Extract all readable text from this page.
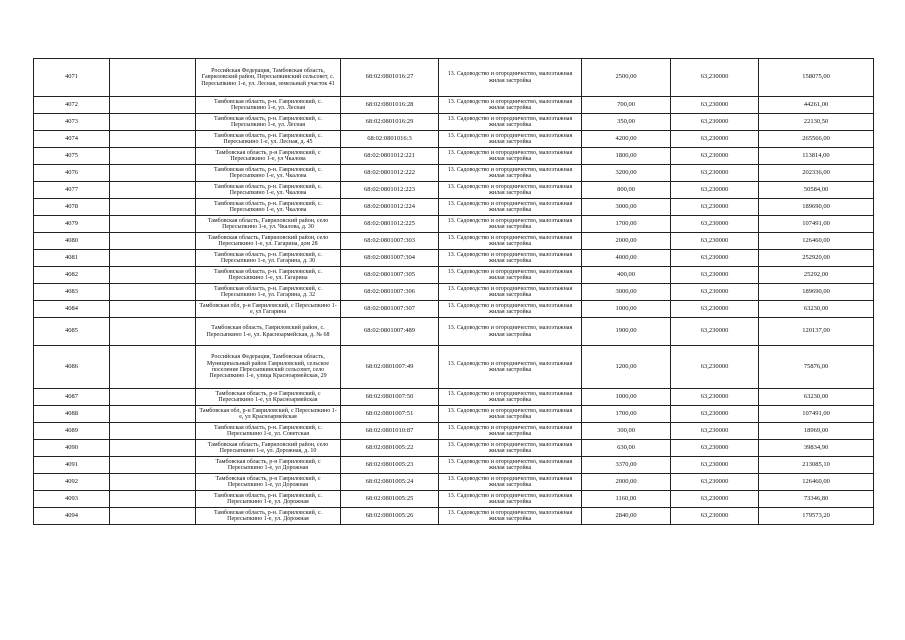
4071		Российская Федерация, Тамбовская область, Гавриловский район, Пересыпкинский сельсовет, с. Пересыпкино 1-е, ул. Лесная, земельный участок 41	68:02:0801016:27	13. Садоводство и огородничество, малоэтажная жилая застройка	2500,00	63,230000	158075,00
4072		Тамбовская область, р-н. Гавриловский, с. Пересыпкино 1-е, ул. Лесная	68:02:0801016:28	13. Садоводство и огородничество, малоэтажная жилая застройка	700,00	63,230000	44261,00
4073		Тамбовская область, р-н. Гавриловский, с. Пересыпкино 1-е, ул. Лесная	68:02:0801016:29	13. Садоводство и огородничество, малоэтажная жилая застройка	350,00	63,230000	22130,50
4074		Тамбовская область, р-н. Гавриловский, с. Пересыпкино 1-е, ул. Лесная, д. 45	68:02:0801016:3	13. Садоводство и огородничество, малоэтажная жилая застройка	4200,00	63,230000	265566,00
4075		Тамбовская область, р-н Гавриловский, с Пересыпкино 1-е, ул Чкалова	68:02:0801012:221	13. Садоводство и огородничество, малоэтажная жилая застройка	1800,00	63,230000	113814,00
4076		Тамбовская область, р-н. Гавриловский, с. Пересыпкино 1-е, ул. Чкалова	68:02:0801012:222	13. Садоводство и огородничество, малоэтажная жилая застройка	3200,00	63,230000	202336,00
4077		Тамбовская область, р-н. Гавриловский, с. Пересыпкино 1-е, ул. Чкалова	68:02:0801012:223	13. Садоводство и огородничество, малоэтажная жилая застройка	800,00	63,230000	50584,00
4078		Тамбовская область, р-н. Гавриловский, с. Пересыпкино 1-е, ул. Чкалова	68:02:0801012:224	13. Садоводство и огородничество, малоэтажная жилая застройка	3000,00	63,230000	189690,00
4079		Тамбовская область, Гавриловский район, село Пересыпкино 1-е, ул. Чкалова, д. 30	68:02:0801012:225	13. Садоводство и огородничество, малоэтажная жилая застройка	1700,00	63,230000	107491,00
4080		Тамбовская область, Гавриловский район, село Пересыпкино 1-е, ул. Гагарина, дом 28	68:02:0801007:303	13. Садоводство и огородничество, малоэтажная жилая застройка	2000,00	63,230000	126460,00
4081		Тамбовская область, р-н. Гавриловский, с. Пересыпкино 1-е, ул. Гагарина, д. 30	68:02:0801007:304	13. Садоводство и огородничество, малоэтажная жилая застройка	4000,00	63,230000	252920,00
4082		Тамбовская область, р-н. Гавриловский, с. Пересыпкино 1-е, ул. Гагарина	68:02:0801007:305	13. Садоводство и огородничество, малоэтажная жилая застройка	400,00	63,230000	25292,00
4083		Тамбовская область, р-н. Гавриловский, с. Пересыпкино 1-е, ул. Гагарина, д. 32	68:02:0801007:306	13. Садоводство и огородничество, малоэтажная жилая застройка	3000,00	63,230000	189690,00
4084		Тамбовская обл, р-н Гавриловский, с Пересыпкино 1-е, ул Гагарина	68:02:0801007:307	13. Садоводство и огородничество, малоэтажная жилая застройка	1000,00	63,230000	63230,00
4085		Тамбовская область, Гавриловский район, с. Пересыпкино 1-е, ул. Красноармейская, д. № 68	68:02:0801007:489	13. Садоводство и огородничество, малоэтажная жилая застройка	1900,00	63,230000	120137,00
4086		Российская Федерация, Тамбовская область, Муниципальный район Гавриловский, сельское поселение Пересыпкинский сельсовет, село Пересыпкино 1-е, улица Красноармейская, 29	68:02:0801007:49	13. Садоводство и огородничество, малоэтажная жилая застройка	1200,00	63,230000	75876,00
4087		Тамбовская область, р-н Гавриловский, с Пересыпкино 1-е, ул Красноармейская	68:02:0801007:50	13. Садоводство и огородничество, малоэтажная жилая застройка	1000,00	63,230000	63230,00
4088		Тамбовская обл, р-н Гавриловский, с Пересыпкино 1-е, ул Красноармейская	68:02:0801007:51	13. Садоводство и огородничество, малоэтажная жилая застройка	1700,00	63,230000	107491,00
4089		Тамбовская область, р-н. Гавриловский, с. Пересыпкино 1-е, ул. Советская	68:02:0801010:87	13. Садоводство и огородничество, малоэтажная жилая застройка	300,00	63,230000	18969,00
4090		Тамбовская область, Гавриловский район, село Пересыпкино 1-е, ул. Дорожная, д. 10	68:02:0801005:22	13. Садоводство и огородничество, малоэтажная жилая застройка	630,00	63,230000	39834,90
4091		Тамбовская область, р-н Гавриловский, с Пересыпкино 1-е, ул Дорожная	68:02:0801005:23	13. Садоводство и огородничество, малоэтажная жилая застройка	3370,00	63,230000	213085,10
4092		Тамбовская область, р-н Гавриловский, с Пересыпкино 1-е, ул Дорожная	68:02:0801005:24	13. Садоводство и огородничество, малоэтажная жилая застройка	2000,00	63,230000	126460,00
4093		Тамбовская область, р-н. Гавриловский, с. Пересыпкино 1-е, ул. Дорожная	68:02:0801005:25	13. Садоводство и огородничество, малоэтажная жилая застройка	1160,00	63,230000	73346,80
4094		Тамбовская область, р-н. Гавриловский, с. Пересыпкино 1-е, ул. Дорожная	68:02:0801005:26	13. Садоводство и огородничество, малоэтажная жилая застройка	2840,00	63,230000	179573,20
